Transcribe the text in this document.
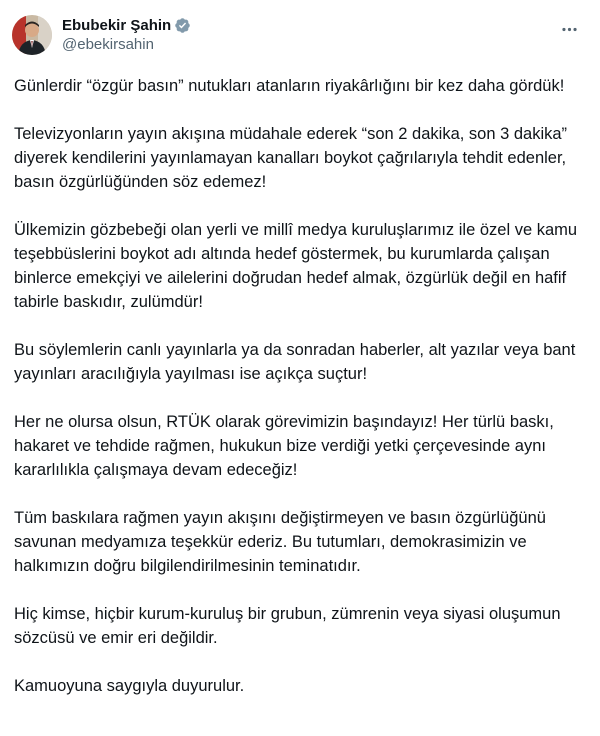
Ebubekir Şahin
@ebekirsahin

Günlerdir “özgür basın” nutukları atanların riyakârlığını bir kez daha gördük!

Televizyonların yayın akışına müdahale ederek “son 2 dakika, son 3 dakika” diyerek kendilerini yayınlamayan kanalları boykot çağrılarıyla tehdit edenler, basın özgürlüğünden söz edemez!

Ülkemizin gözbebeği olan yerli ve millî medya kuruluşlarımız ile özel ve kamu teşebbüslerini boykot adı altında hedef göstermek, bu kurumlarda çalışan binlerce emekçiyi ve ailelerini doğrudan hedef almak, özgürlük değil en hafif tabirle baskıdır, zulümdür!

Bu söylemlerin canlı yayınlarla ya da sonradan haberler, alt yazılar veya bant yayınları aracılığıyla yayılması ise açıkça suçtur!

Her ne olursa olsun, RTÜK olarak görevimizin başındayız! Her türlü baskı, hakaret ve tehdide rağmen, hukukun bize verdiği yetki çerçevesinde aynı kararlılıkla çalışmaya devam edeceğiz!

Tüm baskılara rağmen yayın akışını değiştirmeyen ve basın özgürlüğünü savunan medyamıza teşekkür ederiz. Bu tutumları, demokrasimizin ve halkımızın doğru bilgilendirilmesinin teminatıdır.

Hiç kimse, hiçbir kurum-kuruluş bir grubun, zümrenin veya siyasi oluşumun sözcüsü ve emir eri değildir.

Kamuoyuna saygıyla duyurulur.
